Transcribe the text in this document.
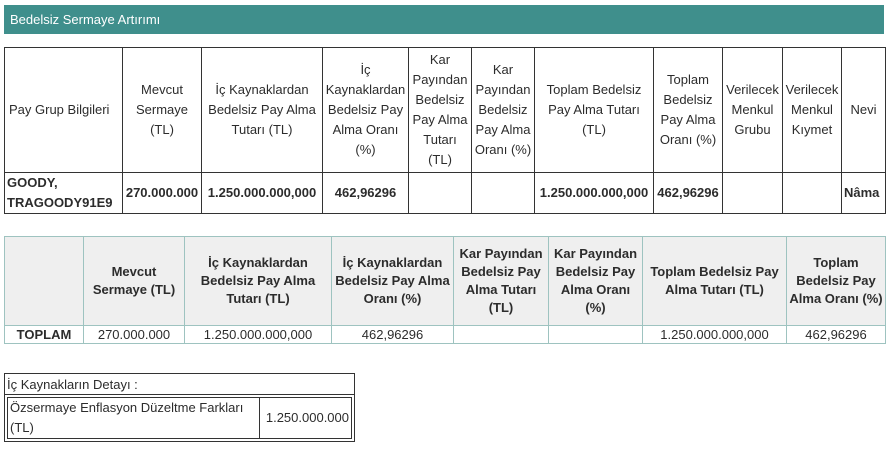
Bedelsiz Sermaye Artırımı
Pay Grup Bilgileri	Mevcut Sermaye (TL)	İç Kaynaklardan Bedelsiz Pay Alma Tutarı (TL)	İç Kaynaklardan Bedelsiz Pay Alma Oranı (%)	Kar Payından Bedelsiz Pay Alma Tutarı (TL)	Kar Payından Bedelsiz Pay Alma Oranı (%)	Toplam Bedelsiz Pay Alma Tutarı (TL)	Toplam Bedelsiz Pay Alma Oranı (%)	Verilecek Menkul Grubu	Verilecek Menkul Kıymet	Nevi
GOODY,
TRAGOODY91E9	270.000.000	1.250.000.000,000	462,96296			1.250.000.000,000	462,96296			Nâma
	Mevcut Sermaye (TL)	İç Kaynaklardan Bedelsiz Pay Alma Tutarı (TL)	İç Kaynaklardan Bedelsiz Pay Alma Oranı (%)	Kar Payından Bedelsiz Pay Alma Tutarı (TL)	Kar Payından Bedelsiz Pay Alma Oranı (%)	Toplam Bedelsiz Pay Alma Tutarı (TL)	Toplam Bedelsiz Pay Alma Oranı (%)
TOPLAM	270.000.000	1.250.000.000,000	462,96296			1.250.000.000,000	462,96296
İç Kaynakların Detayı :

Özsermaye Enflasyon Düzeltme Farkları (TL)	1.250.000.000
